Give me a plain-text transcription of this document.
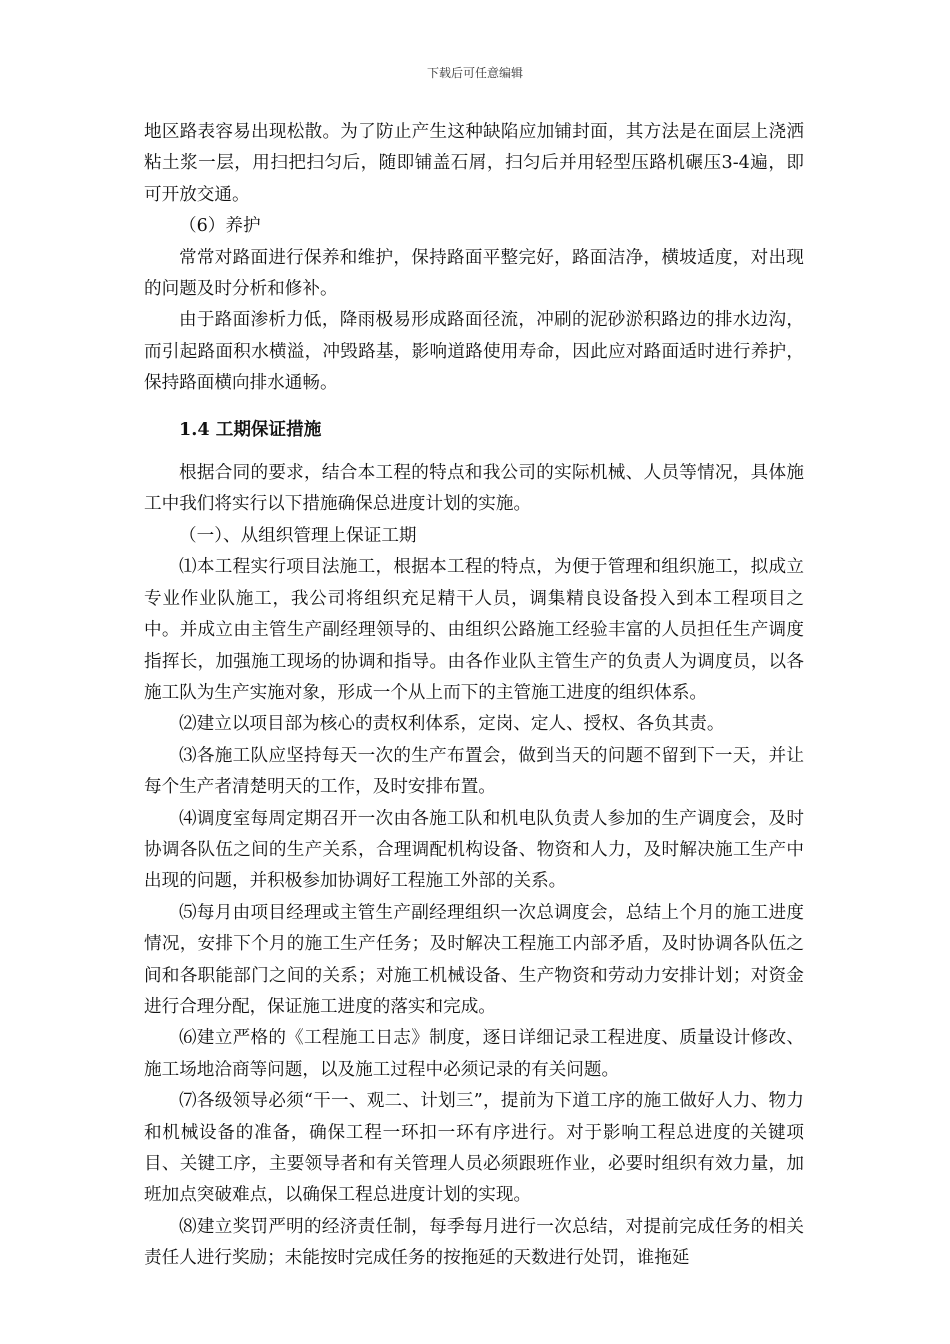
下载后可任意编辑

地区路表容易出现松散。为了防止产生这种缺陷应加铺封面，其方法是在面层上浇洒粘土浆一层，用扫把扫匀后，随即铺盖石屑，扫匀后并用轻型压路机碾压3-4遍，即可开放交通。

（6）养护

常常对路面进行保养和维护，保持路面平整完好，路面洁净，横坡适度，对出现的问题及时分析和修补。

由于路面渗析力低，降雨极易形成路面径流，冲刷的泥砂淤积路边的排水边沟，而引起路面积水横溢，冲毁路基，影响道路使用寿命，因此应对路面适时进行养护，保持路面横向排水通畅。

1.4 工期保证措施

根据合同的要求，结合本工程的特点和我公司的实际机械、人员等情况，具体施工中我们将实行以下措施确保总进度计划的实施。

（一）、从组织管理上保证工期

⑴本工程实行项目法施工，根据本工程的特点，为便于管理和组织施工，拟成立专业作业队施工，我公司将组织充足精干人员，调集精良设备投入到本工程项目之中。并成立由主管生产副经理领导的、由组织公路施工经验丰富的人员担任生产调度指挥长，加强施工现场的协调和指导。由各作业队主管生产的负责人为调度员，以各施工队为生产实施对象，形成一个从上而下的主管施工进度的组织体系。

⑵建立以项目部为核心的责权利体系，定岗、定人、授权、各负其责。

⑶各施工队应坚持每天一次的生产布置会，做到当天的问题不留到下一天，并让每个生产者清楚明天的工作，及时安排布置。

⑷调度室每周定期召开一次由各施工队和机电队负责人参加的生产调度会，及时协调各队伍之间的生产关系，合理调配机构设备、物资和人力，及时解决施工生产中出现的问题，并积极参加协调好工程施工外部的关系。

⑸每月由项目经理或主管生产副经理组织一次总调度会，总结上个月的施工进度情况，安排下个月的施工生产任务；及时解决工程施工内部矛盾，及时协调各队伍之间和各职能部门之间的关系；对施工机械设备、生产物资和劳动力安排计划；对资金进行合理分配，保证施工进度的落实和完成。

⑹建立严格的《工程施工日志》制度，逐日详细记录工程进度、质量设计修改、施工场地洽商等问题，以及施工过程中必须记录的有关问题。

⑺各级领导必须“干一、观二、计划三”，提前为下道工序的施工做好人力、物力和机械设备的准备，确保工程一环扣一环有序进行。对于影响工程总进度的关键项目、关键工序，主要领导者和有关管理人员必须跟班作业，必要时组织有效力量，加班加点突破难点，以确保工程总进度计划的实现。

⑻建立奖罚严明的经济责任制，每季每月进行一次总结，对提前完成任务的相关责任人进行奖励；未能按时完成任务的按拖延的天数进行处罚，谁拖延
